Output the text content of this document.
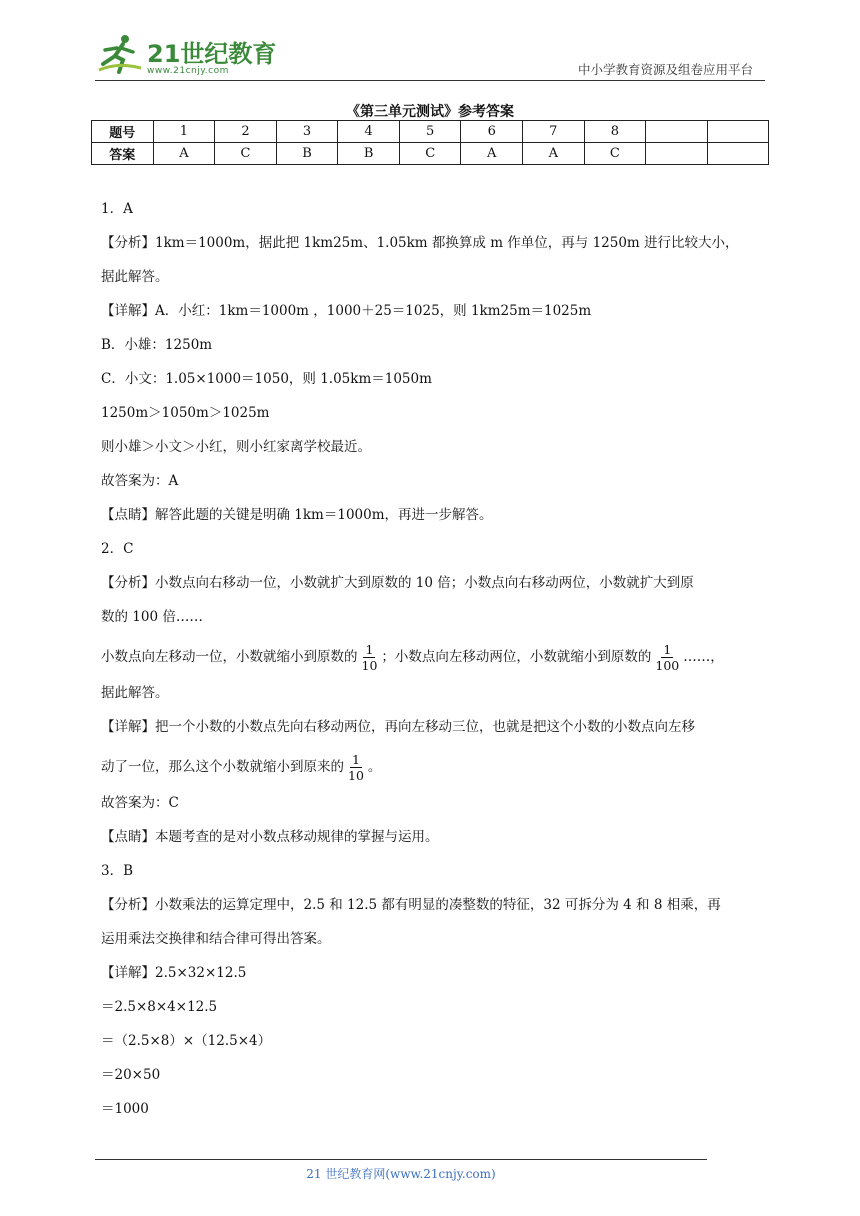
21世纪教育
www.21cnjy.com	中小学教育资源及组卷应用平台
《第三单元测试》参考答案
题号	1	2	3	4	5	6	7	8		
答案	A	C	B	B	C	A	A	C		
1．A
【分析】1km＝1000m，据此把 1km25m、1.05km 都换算成 m 作单位，再与 1250m 进行比较大小，
据此解答。
【详解】A．小红：1km＝1000m ，1000＋25＝1025，则 1km25m＝1025m
B．小雄：1250m
C．小文：1.05×1000＝1050，则 1.05km＝1050m
1250m＞1050m＞1025m
则小雄＞小文＞小红，则小红家离学校最近。
故答案为：A
【点睛】解答此题的关键是明确 1km＝1000m，再进一步解答。
2．C
【分析】小数点向右移动一位，小数就扩大到原数的 10 倍；小数点向右移动两位，小数就扩大到原
数的 100 倍……
小数点向左移动一位，小数就缩小到原数的 $\frac{1}{10}$ ；小数点向左移动两位，小数就缩小到原数的 $\frac{1}{100}$ ……，
据此解答。
【详解】把一个小数的小数点先向右移动两位，再向左移动三位，也就是把这个小数的小数点向左移
动了一位，那么这个小数就缩小到原来的 $\frac{1}{10}$ 。
故答案为：C
【点睛】本题考查的是对小数点移动规律的掌握与运用。
3．B
【分析】小数乘法的运算定理中，2.5 和 12.5 都有明显的凑整数的特征，32 可拆分为 4 和 8 相乘，再
运用乘法交换律和结合律可得出答案。
【详解】2.5×32×12.5
＝2.5×8×4×12.5
＝（2.5×8）×（12.5×4）
＝20×50
＝1000
21 世纪教育网(www.21cnjy.com)
